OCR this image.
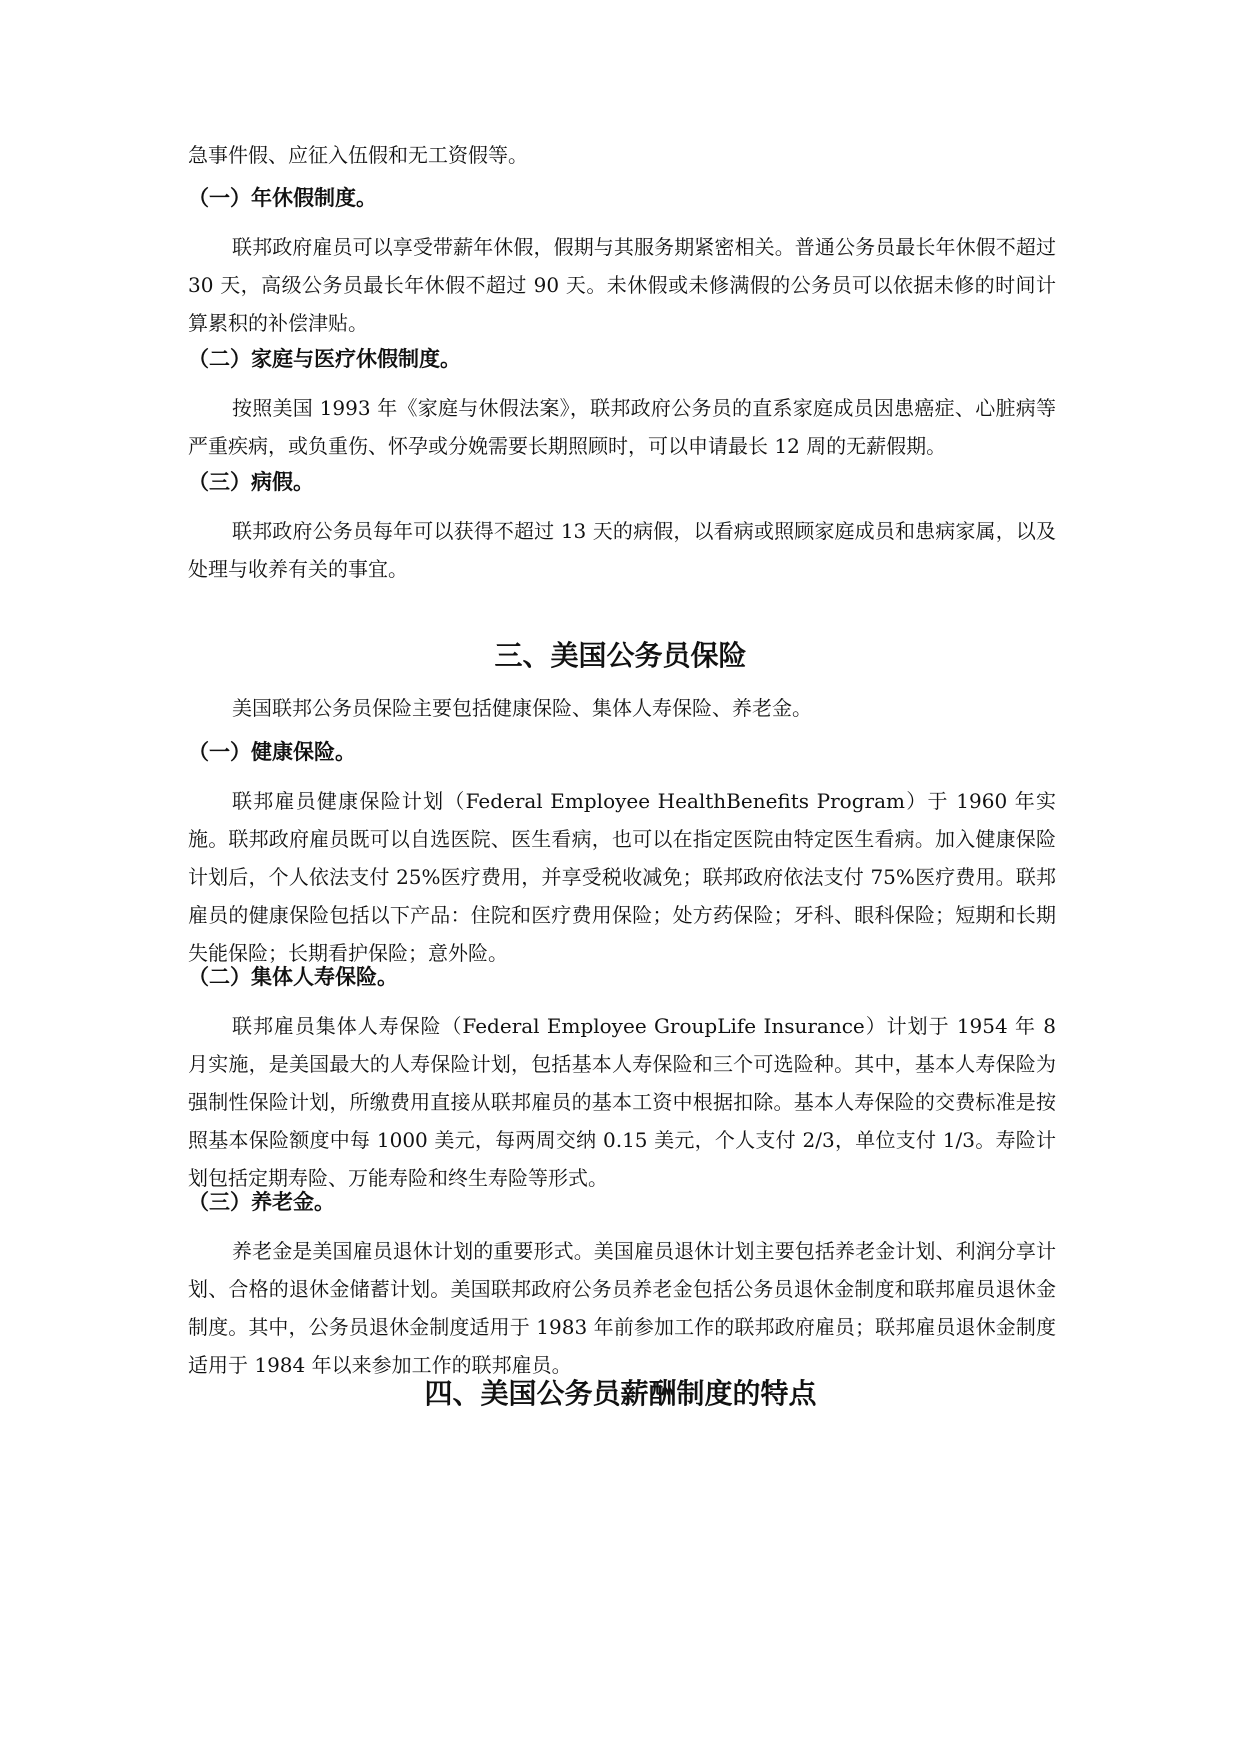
急事件假、应征入伍假和无工资假等。

（一）年休假制度。

联邦政府雇员可以享受带薪年休假，假期与其服务期紧密相关。普通公务员最长年休假不超过 30 天，高级公务员最长年休假不超过 90 天。未休假或未修满假的公务员可以依据未修的时间计算累积的补偿津贴。

（二）家庭与医疗休假制度。

按照美国 1993 年《家庭与休假法案》，联邦政府公务员的直系家庭成员因患癌症、心脏病等严重疾病，或负重伤、怀孕或分娩需要长期照顾时，可以申请最长 12 周的无薪假期。

（三）病假。

联邦政府公务员每年可以获得不超过 13 天的病假，以看病或照顾家庭成员和患病家属，以及处理与收养有关的事宜。

三、美国公务员保险

美国联邦公务员保险主要包括健康保险、集体人寿保险、养老金。

（一）健康保险。

联邦雇员健康保险计划（Federal Employee HealthBenefits Program）于 1960 年实施。联邦政府雇员既可以自选医院、医生看病，也可以在指定医院由特定医生看病。加入健康保险计划后，个人依法支付 25%医疗费用，并享受税收减免；联邦政府依法支付 75%医疗费用。联邦雇员的健康保险包括以下产品：住院和医疗费用保险；处方药保险；牙科、眼科保险；短期和长期失能保险；长期看护保险；意外险。

（二）集体人寿保险。

联邦雇员集体人寿保险（Federal Employee GroupLife Insurance）计划于 1954 年 8 月实施，是美国最大的人寿保险计划，包括基本人寿保险和三个可选险种。其中，基本人寿保险为强制性保险计划，所缴费用直接从联邦雇员的基本工资中根据扣除。基本人寿保险的交费标准是按照基本保险额度中每 1000 美元，每两周交纳 0.15 美元，个人支付 2/3，单位支付 1/3。寿险计划包括定期寿险、万能寿险和终生寿险等形式。

（三）养老金。

养老金是美国雇员退休计划的重要形式。美国雇员退休计划主要包括养老金计划、利润分享计划、合格的退休金储蓄计划。美国联邦政府公务员养老金包括公务员退休金制度和联邦雇员退休金制度。其中，公务员退休金制度适用于 1983 年前参加工作的联邦政府雇员；联邦雇员退休金制度适用于 1984 年以来参加工作的联邦雇员。

四、美国公务员薪酬制度的特点
